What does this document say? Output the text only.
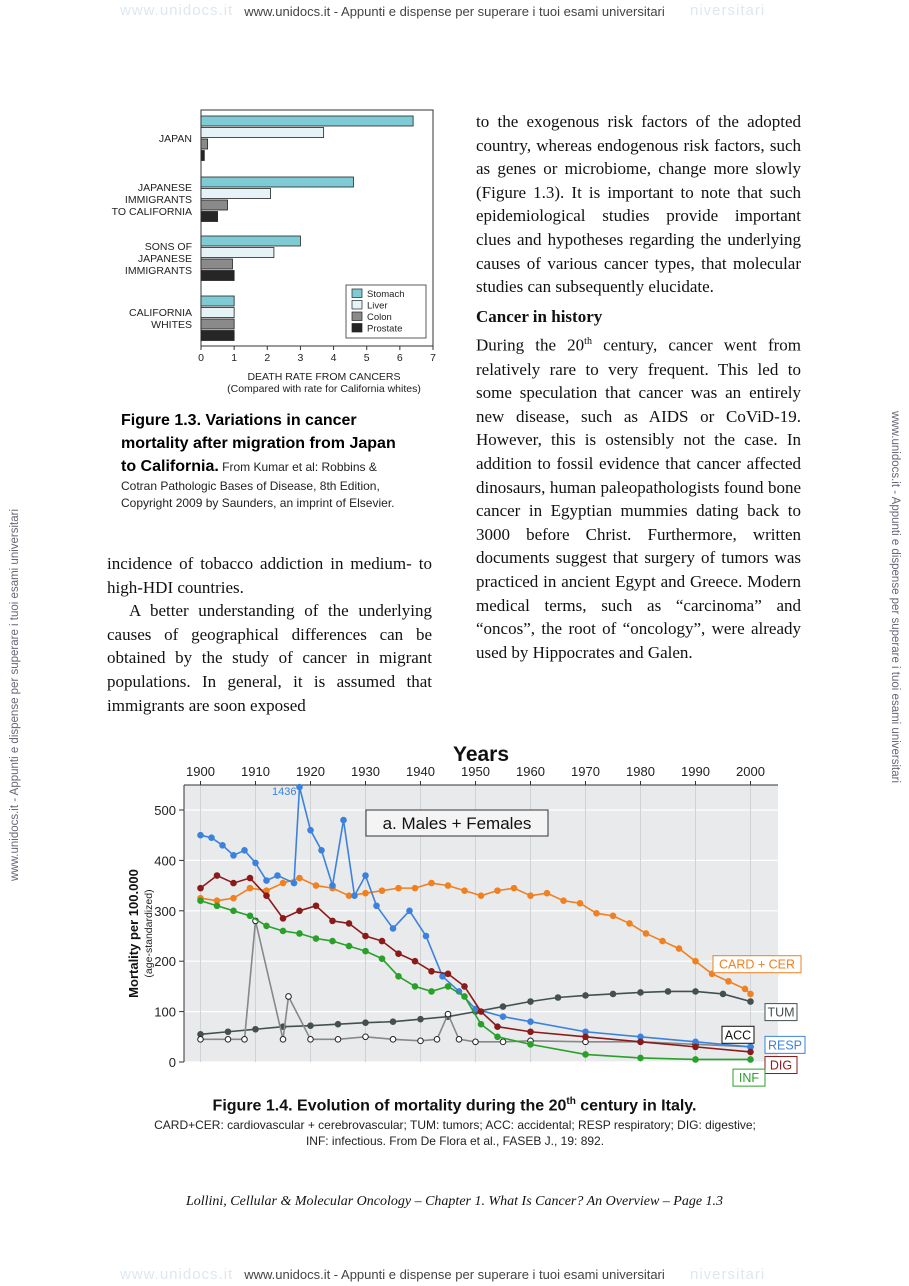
www.unidocs.it	niversitari
www.unidocs.it - Appunti e dispense per superare i tuoi esami universitari
www.unidocs.it	niversitari
www.unidocs.it - Appunti e dispense per superare i tuoi esami universitari
www.unidocs.it - Appunti e dispense per superare i tuoi esami universitari	www.unidocs.it - Appunti e dispense per superare i tuoi esami universitari
JAPAN
JAPANESE
IMMIGRANTS
TO CALIFORNIA
SONS OF
JAPANESE
IMMIGRANTS
CALIFORNIA
WHITES
0	1	2	3	4	5	6	7
DEATH RATE FROM CANCERS
(Compared with rate for California whites)
Stomach
Liver
Colon
Prostate
Figure 1.3. Variations in cancer mortality after migration from Japan to California. From Kumar et al: Robbins & Cotran Pathologic Bases of Disease, 8th Edition, Copyright 2009 by Saunders, an imprint of Elsevier.

incidence of tobacco addiction in medium- to high-HDI countries.

A better understanding of the underlying causes of geographical differences can be obtained by the study of cancer in migrant populations. In general, it is assumed that immigrants are soon exposed

to the exogenous risk factors of the adopted country, whereas endogenous risk factors, such as genes or microbiome, change more slowly (Figure 1.3). It is important to note that such epidemiological studies provide important clues and hypotheses regarding the underlying causes of various cancer types, that molecular studies can subsequently elucidate.

Cancer in history

During the 20th century, cancer went from relatively rare to very frequent. This led to some speculation that cancer was an entirely new disease, such as AIDS or CoViD-19. However, this is ostensibly not the case. In addition to fossil evidence that cancer affected dinosaurs, human paleopathologists found bone cancer in Egyptian mummies dating back to 3000 before Christ. Furthermore, written documents suggest that surgery of tumors was practiced in ancient Egypt and Greece. Modern medical terms, such as “carcinoma” and “oncos”, the root of “oncology”, were already used by Hippocrates and Galen.

0
100
200
300
400
500
1900 1910 1920 1930 1940 1950 1960 1970 1980 1990 2000
Years
Mortality per 100.000 (age-standardized)
a. Males + Females
1436
CARD + CER
TUM
ACC
RESP
DIG
INF
Figure 1.4. Evolution of mortality during the 20th century in Italy.
CARD+CER: cardiovascular + cerebrovascular; TUM: tumors; ACC: accidental; RESP respiratory; DIG: digestive; INF: infectious. From De Flora et al., FASEB J., 19: 892.
Lollini, Cellular & Molecular Oncology – Chapter 1. What Is Cancer? An Overview – Page 1.3
